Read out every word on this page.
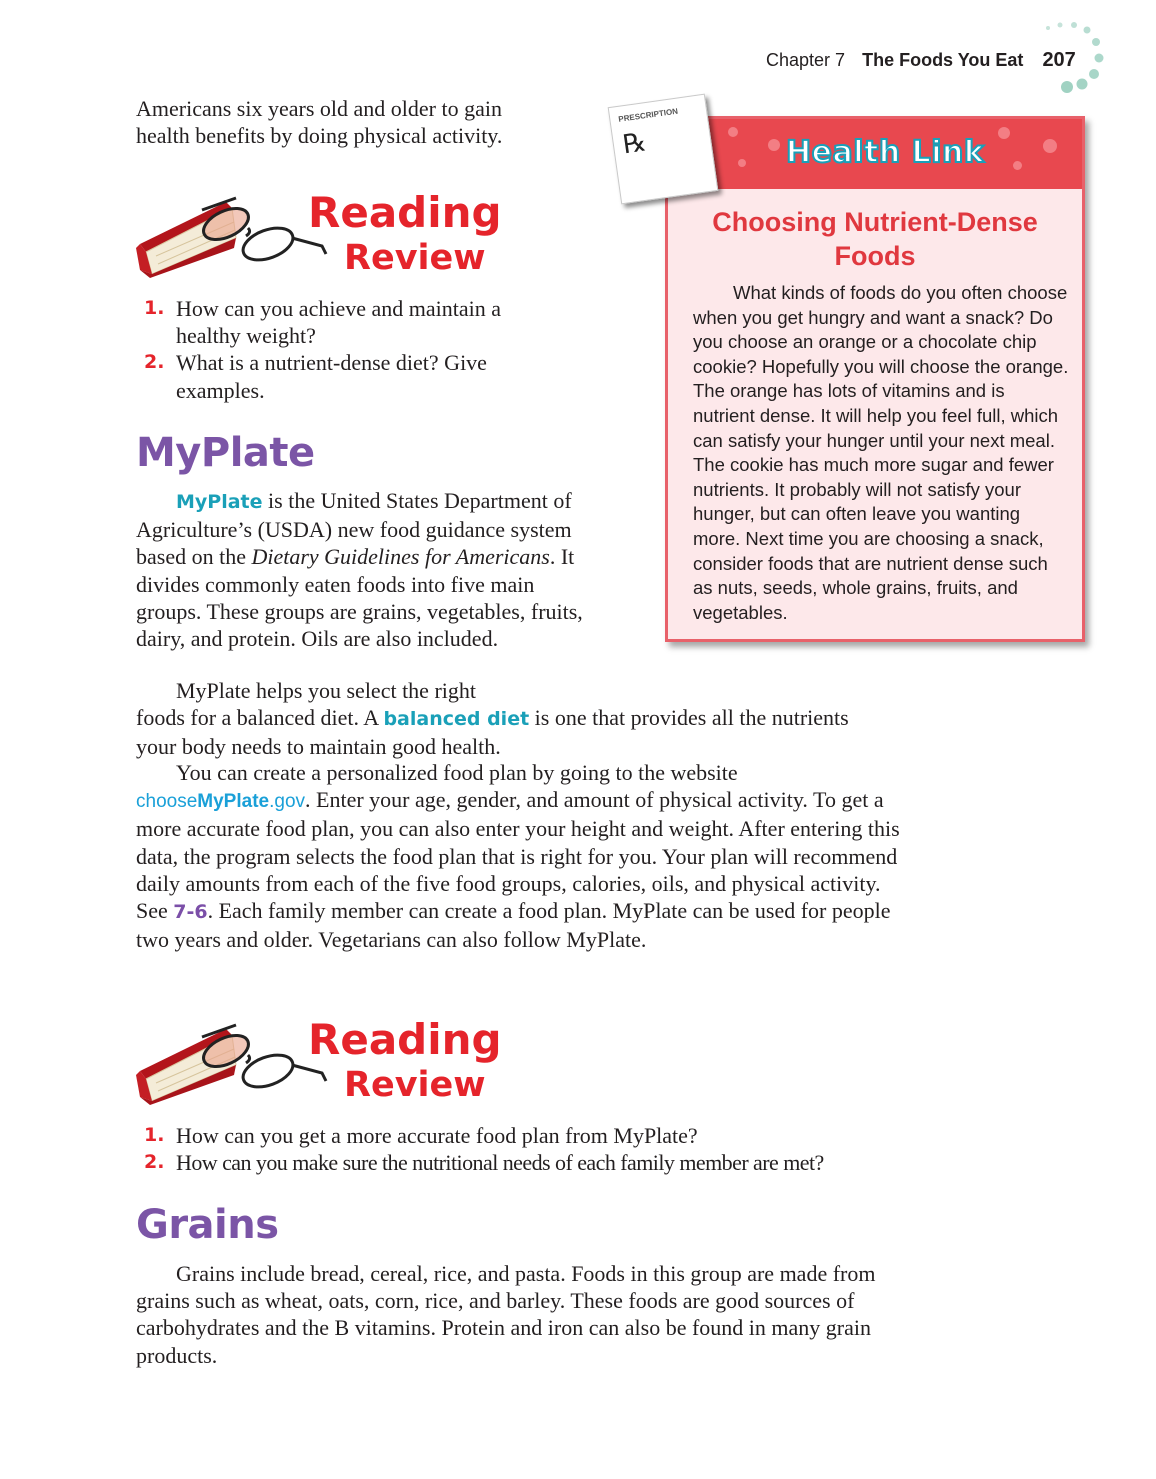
Chapter 7 The Foods You Eat 207

Americans six years old and older to gain health benefits by doing physical activity.

Reading
Review
1. How can you achieve and maintain a healthy weight?
2. What is a nutrient-dense diet? Give examples.
MyPlate

MyPlate is the United States Department of Agriculture’s (USDA) new food guidance system based on the Dietary Guidelines for Americans. It divides commonly eaten foods into five main groups. These groups are grains, vegetables, fruits, dairy, and protein. Oils are also included.

MyPlate helps you select the right

foods for a balanced diet. A balanced diet is one that provides all the nutrients your body needs to maintain good health.

You can create a personalized food plan by going to the website chooseMyPlate.gov. Enter your age, gender, and amount of physical activity. To get a more accurate food plan, you can also enter your height and weight. After entering this data, the program selects the food plan that is right for you. Your plan will recommend daily amounts from each of the five food groups, calories, oils, and physical activity. See 7-6. Each family member can create a food plan. MyPlate can be used for people two years and older. Vegetarians can also follow MyPlate.

Reading
Review
1. How can you get a more accurate food plan from MyPlate?
2. How can you make sure the nutritional needs of each family member are met?
Grains

Grains include bread, cereal, rice, and pasta. Foods in this group are made from grains such as wheat, oats, corn, rice, and barley. These foods are good sources of carbohydrates and the B vitamins. Protein and iron can also be found in many grain products.

Health Link
Choosing Nutrient-Dense Foods

What kinds of foods do you often choose when you get hungry and want a snack? Do you choose an orange or a chocolate chip cookie? Hopefully you will choose the orange. The orange has lots of vitamins and is nutrient dense. It will help you feel full, which can satisfy your hunger until your next meal. The cookie has much more sugar and fewer nutrients. It probably will not satisfy your hunger, but can often leave you wanting more. Next time you are choosing a snack, consider foods that are nutrient dense such as nuts, seeds, whole grains, fruits, and vegetables.

PRESCRIPTION
℞
